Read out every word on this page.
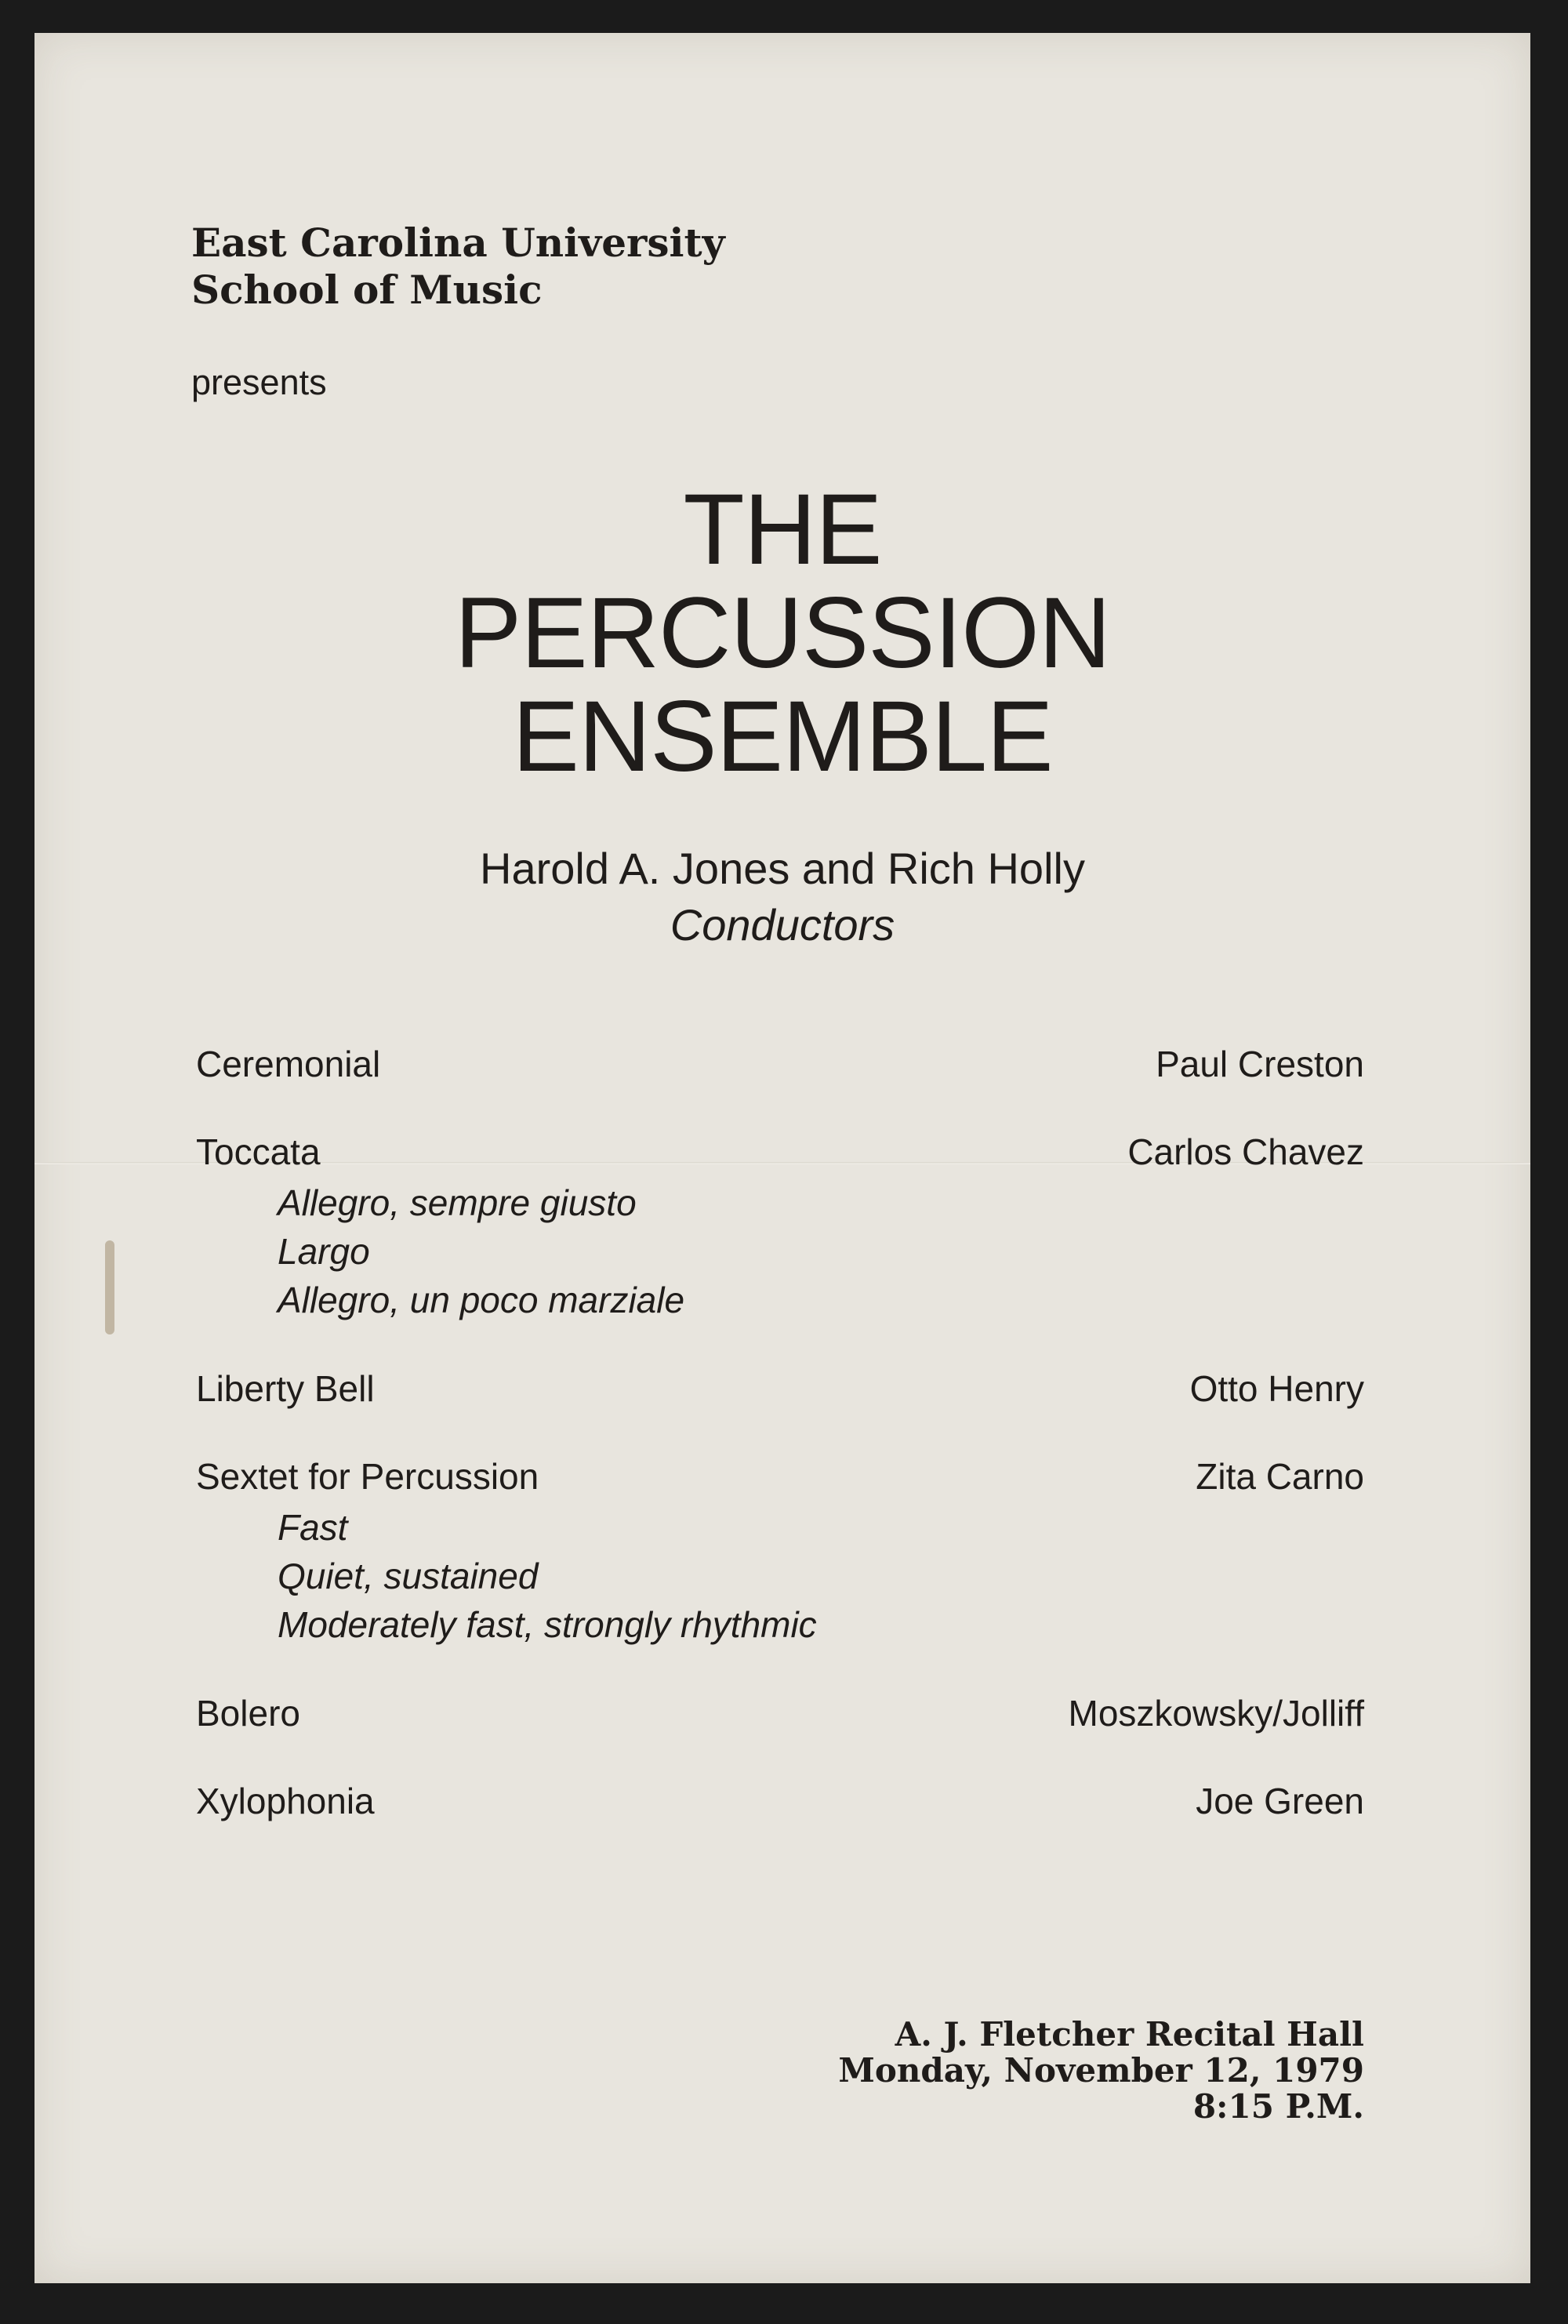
East Carolina University
School of Music
presents
THE
PERCUSSION
ENSEMBLE
Harold A. Jones and Rich Holly
Conductors
Ceremonial	Paul Creston
Toccata	Carlos Chavez
Allegro, sempre giusto
Largo
Allegro, un poco marziale
Liberty Bell	Otto Henry
Sextet for Percussion	Zita Carno
Fast
Quiet, sustained
Moderately fast, strongly rhythmic
Bolero	Moszkowsky/Jolliff
Xylophonia	Joe Green
A. J. Fletcher Recital Hall
Monday, November 12, 1979
8:15 P.M.
